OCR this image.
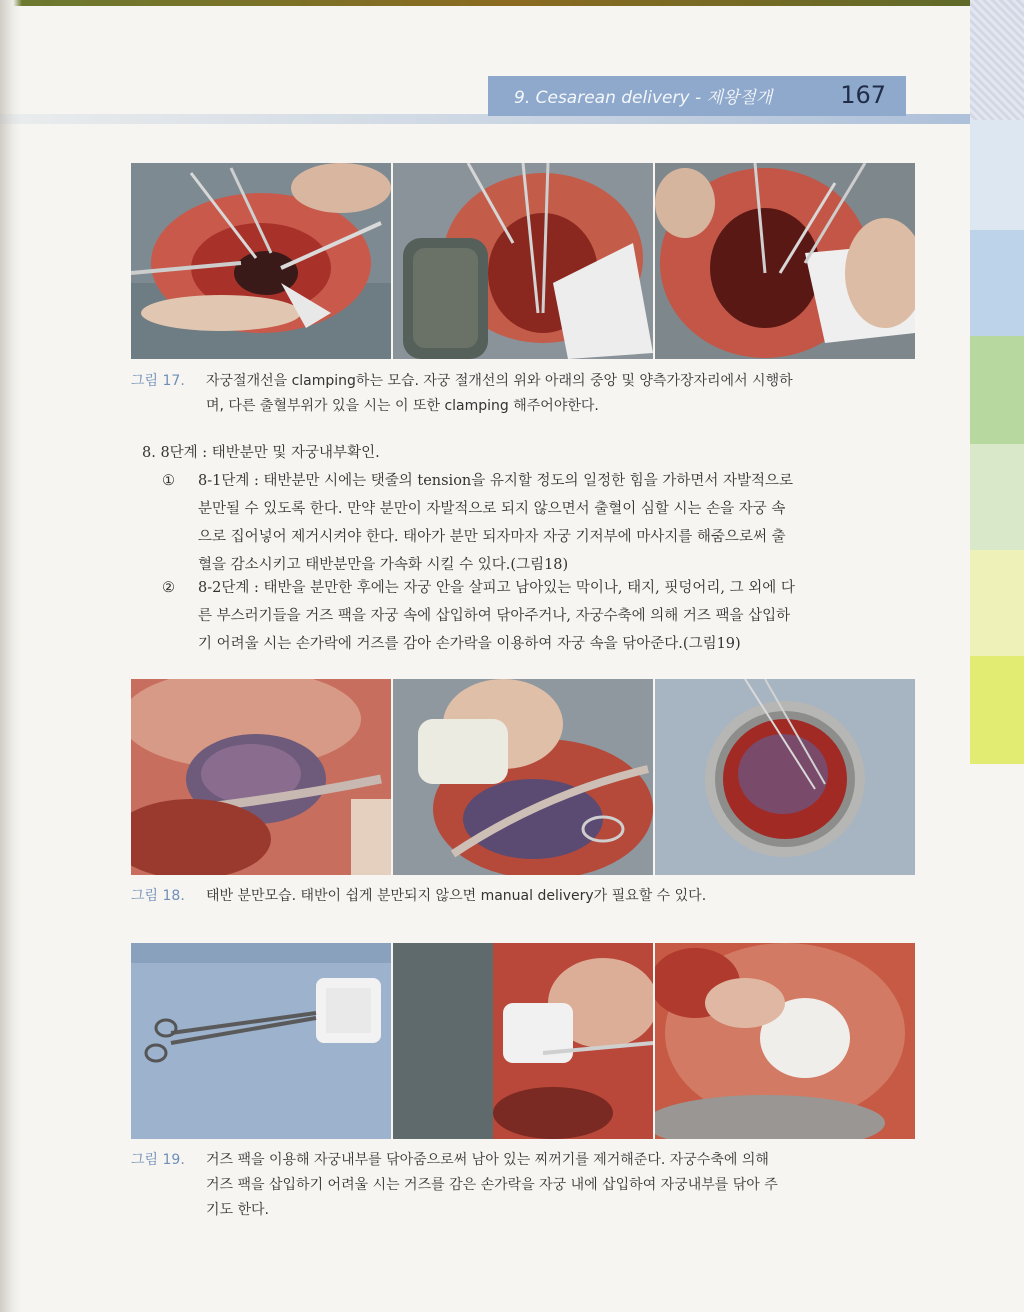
9. Cesarean delivery - 제왕절개	167
그림 17. 자궁절개선을 clamping하는 모습. 자궁 절개선의 위와 아래의 중앙 및 양측가장자리에서 시행하
며, 다른 출혈부위가 있을 시는 이 또한 clamping 해주어야한다.
8. 8단계 : 태반분만 및 자궁내부확인.
①	8-1단계 : 태반분만 시에는 탯줄의 tension을 유지할 정도의 일정한 힘을 가하면서 자발적으로
분만될 수 있도록 한다. 만약 분만이 자발적으로 되지 않으면서 출혈이 심할 시는 손을 자궁 속
으로 집어넣어 제거시켜야 한다. 태아가 분만 되자마자 자궁 기저부에 마사지를 해줌으로써 출
혈을 감소시키고 태반분만을 가속화 시킬 수 있다.(그림18)
②	8-2단계 : 태반을 분만한 후에는 자궁 안을 살피고 남아있는 막이나, 태지, 핏덩어리, 그 외에 다
른 부스러기들을 거즈 팩을 자궁 속에 삽입하여 닦아주거나, 자궁수축에 의해 거즈 팩을 삽입하
기 어려울 시는 손가락에 거즈를 감아 손가락을 이용하여 자궁 속을 닦아준다.(그림19)
그림 18. 태반 분만모습. 태반이 쉽게 분만되지 않으면 manual delivery가 필요할 수 있다.
그림 19. 거즈 팩을 이용해 자궁내부를 닦아줌으로써 남아 있는 찌꺼기를 제거해준다. 자궁수축에 의해
거즈 팩을 삽입하기 어려울 시는 거즈를 감은 손가락을 자궁 내에 삽입하여 자궁내부를 닦아 주
기도 한다.
